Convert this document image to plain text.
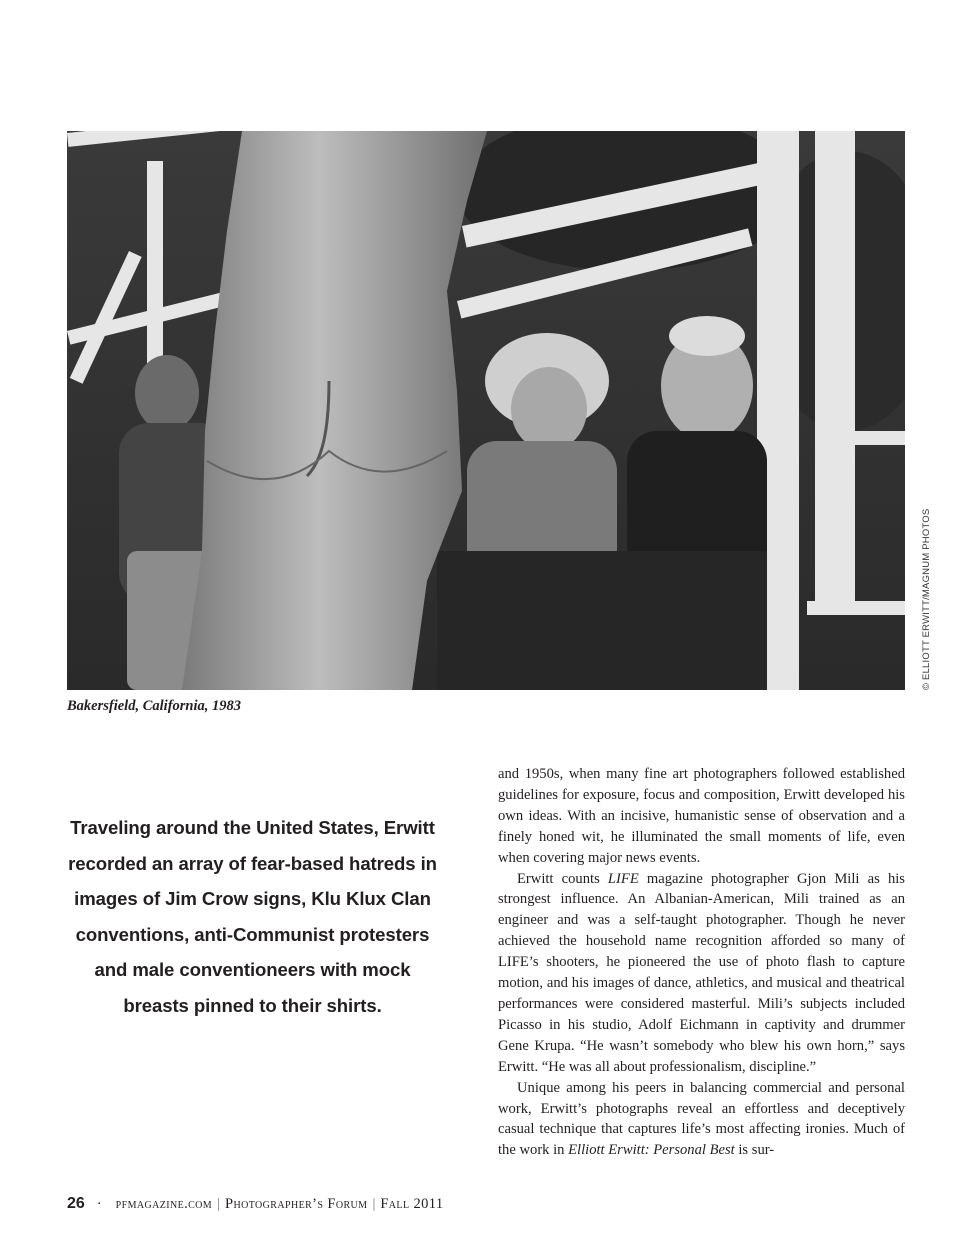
© ELLIOTT ERWITT/MAGNUM PHOTOS
Bakersfield, California, 1983
Traveling around the United States, Erwitt recorded an array of fear-based hatreds in images of Jim Crow signs, Klu Klux Clan conventions, anti-Communist protesters and male conventioneers with mock breasts pinned to their shirts.

and 1950s, when many fine art photographers followed established guidelines for exposure, focus and composition, Erwitt developed his own ideas. With an incisive, humanistic sense of observation and a finely honed wit, he illuminated the small moments of life, even when covering major news events.

Erwitt counts LIFE magazine photographer Gjon Mili as his strongest influence. An Albanian-American, Mili trained as an engineer and was a self-taught photographer. Though he never achieved the household name recognition afforded so many of LIFE’s shooters, he pioneered the use of photo flash to capture motion, and his images of dance, athletics, and musical and theatrical performances were considered masterful. Mili’s subjects included Picasso in his studio, Adolf Eichmann in captivity and drummer Gene Krupa. “He wasn’t somebody who blew his own horn,” says Erwitt. “He was all about professionalism, discipline.”

Unique among his peers in balancing commercial and personal work, Erwitt’s photographs reveal an effortless and deceptively casual technique that captures life’s most affecting ironies. Much of the work in Elliott Erwitt: Personal Best is sur-

26 · pfmagazine.com | Photographer’s Forum | Fall 2011
